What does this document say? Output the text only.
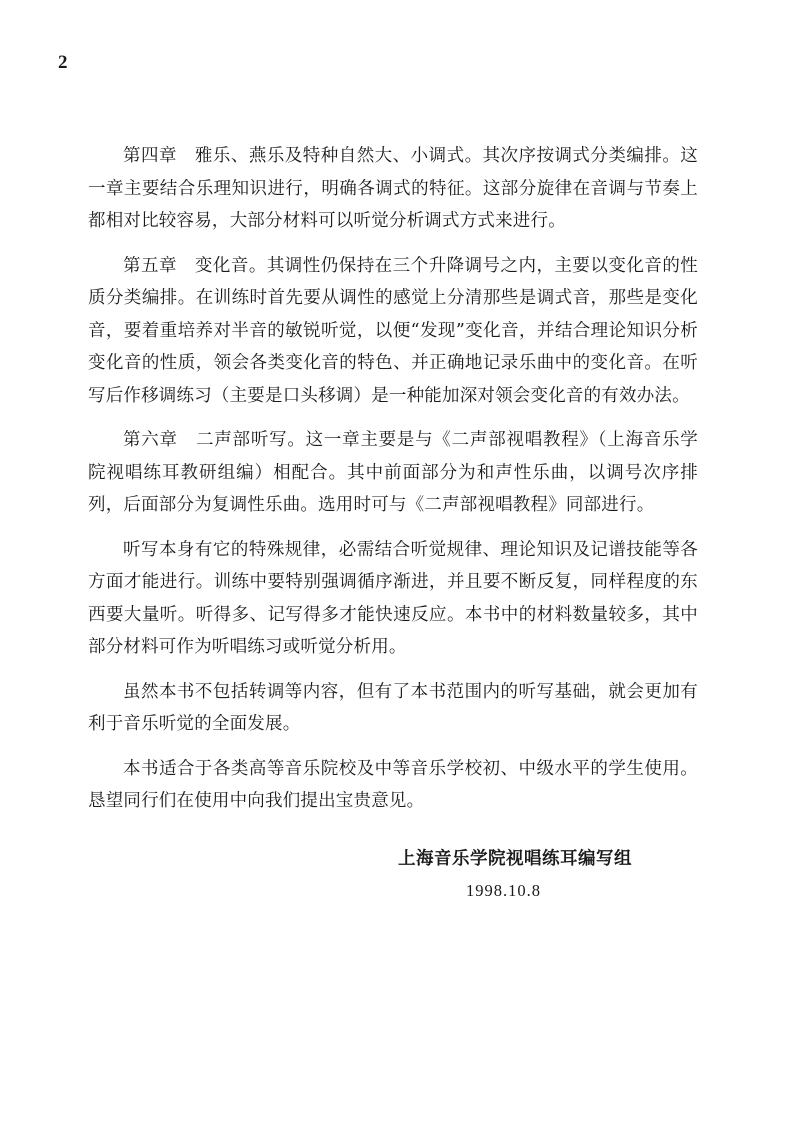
2

第四章　雅乐、燕乐及特种自然大、小调式。其次序按调式分类编排。这一章主要结合乐理知识进行，明确各调式的特征。这部分旋律在音调与节奏上都相对比较容易，大部分材料可以听觉分析调式方式来进行。

第五章　变化音。其调性仍保持在三个升降调号之内，主要以变化音的性质分类编排。在训练时首先要从调性的感觉上分清那些是调式音，那些是变化音，要着重培养对半音的敏锐听觉，以便“发现”变化音，并结合理论知识分析变化音的性质，领会各类变化音的特色、并正确地记录乐曲中的变化音。在听写后作移调练习（主要是口头移调）是一种能加深对领会变化音的有效办法。

第六章　二声部听写。这一章主要是与《二声部视唱教程》（上海音乐学院视唱练耳教研组编）相配合。其中前面部分为和声性乐曲，以调号次序排列，后面部分为复调性乐曲。选用时可与《二声部视唱教程》同部进行。

听写本身有它的特殊规律，必需结合听觉规律、理论知识及记谱技能等各方面才能进行。训练中要特别强调循序渐进，并且要不断反复，同样程度的东西要大量听。听得多、记写得多才能快速反应。本书中的材料数量较多，其中部分材料可作为听唱练习或听觉分析用。

虽然本书不包括转调等内容，但有了本书范围内的听写基础，就会更加有利于音乐听觉的全面发展。

本书适合于各类高等音乐院校及中等音乐学校初、中级水平的学生使用。恳望同行们在使用中向我们提出宝贵意见。

上海音乐学院视唱练耳编写组
1998.10.8
